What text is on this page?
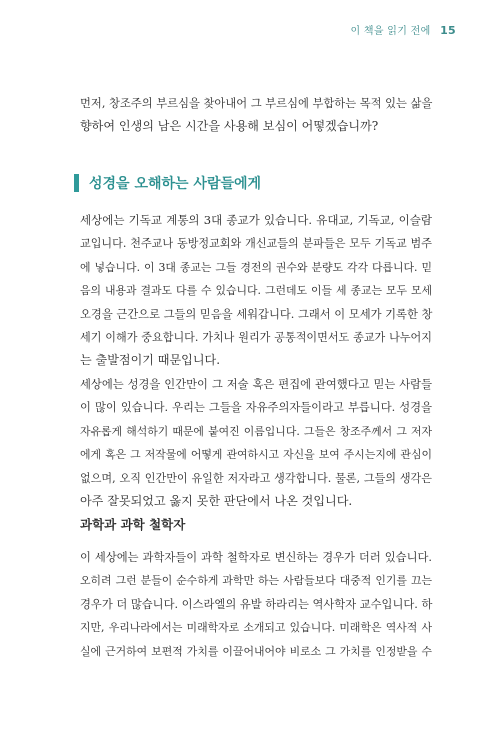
이 책을 읽기 전에 15
먼저, 창조주의 부르심을 찾아내어 그 부르심에 부합하는 목적 있는 삶을
향하여 인생의 남은 시간을 사용해 보심이 어떻겠습니까?
성경을 오해하는 사람들에게
세상에는 기독교 계통의 3대 종교가 있습니다. 유대교, 기독교, 이슬람
교입니다. 천주교나 동방정교회와 개신교들의 분파들은 모두 기독교 범주
에 넣습니다. 이 3대 종교는 그들 경전의 권수와 분량도 각각 다릅니다. 믿
음의 내용과 결과도 다를 수 있습니다. 그런데도 이들 세 종교는 모두 모세
오경을 근간으로 그들의 믿음을 세워갑니다. 그래서 이 모세가 기록한 창
세기 이해가 중요합니다. 가치나 원리가 공통적이면서도 종교가 나누어지
는 출발점이기 때문입니다.
세상에는 성경을 인간만이 그 저술 혹은 편집에 관여했다고 믿는 사람들
이 많이 있습니다. 우리는 그들을 자유주의자들이라고 부릅니다. 성경을
자유롭게 해석하기 때문에 붙여진 이름입니다. 그들은 창조주께서 그 저자
에게 혹은 그 저작물에 어떻게 관여하시고 자신을 보여 주시는지에 관심이
없으며, 오직 인간만이 유일한 저자라고 생각합니다. 물론, 그들의 생각은
아주 잘못되었고 옳지 못한 판단에서 나온 것입니다.
과학과 과학 철학자
이 세상에는 과학자들이 과학 철학자로 변신하는 경우가 더러 있습니다.
오히려 그런 분들이 순수하게 과학만 하는 사람들보다 대중적 인기를 끄는
경우가 더 많습니다. 이스라엘의 유발 하라리는 역사학자 교수입니다. 하
지만, 우리나라에서는 미래학자로 소개되고 있습니다. 미래학은 역사적 사
실에 근거하여 보편적 가치를 이끌어내어야 비로소 그 가치를 인정받을 수
